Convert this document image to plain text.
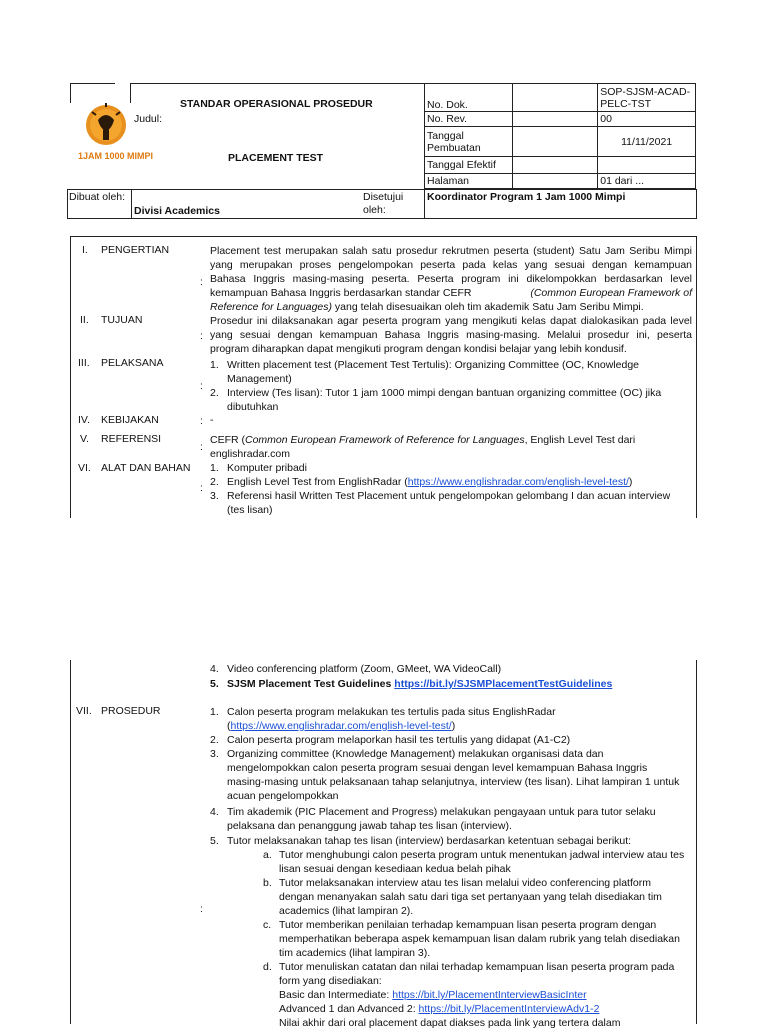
STANDAR OPERASIONAL PROSEDUR
Judul:
PLACEMENT TEST
1JAM 1000 MIMPI
No. Dok.		SOP-SJSM-ACAD-PELC-TST
No. Rev.		00
Tanggal Pembuatan		11/11/2021
Tanggal Efektif		
Halaman		01 dari ...
Dibuat oleh:
Divisi Academics
Disetujui oleh:
Koordinator Program 1 Jam 1000 Mimpi
I. PENGERTIAN
:
Placement test merupakan salah satu prosedur rekrutmen peserta (student) Satu Jam Seribu Mimpi
yang merupakan proses pengelompokan peserta pada kelas yang sesuai dengan kemampuan
Bahasa Inggris masing-masing peserta. Peserta program ini dikelompokkan berdasarkan level
kemampuan Bahasa Inggris berdasarkan standar CEFR	(Common European Framework of
Reference for Languages) yang telah disesuaikan oleh tim akademik Satu Jam Seribu Mimpi.
II. TUJUAN
:
Prosedur ini dilaksanakan agar peserta program yang mengikuti kelas dapat dialokasikan pada level
yang sesuai dengan kemampuan Bahasa Inggris masing-masing. Melalui prosedur ini, peserta
program diharapkan dapat mengikuti program dengan kondisi belajar yang lebih kondusif.
III. PELAKSANA
:
1. Written placement test (Placement Test Tertulis): Organizing Committee (OC, Knowledge
Management)
2. Interview (Tes lisan): Tutor 1 jam 1000 mimpi dengan bantuan organizing committee (OC) jika
dibutuhkan
IV. KEBIJAKAN	: -
V. REFERENSI
:
CEFR (Common European Framework of Reference for Languages, English Level Test dari
englishradar.com
VI. ALAT DAN BAHAN
:
1. Komputer pribadi
2. English Level Test from EnglishRadar (https://www.englishradar.com/english-level-test/)
3. Referensi hasil Written Test Placement untuk pengelompokan gelombang I dan acuan interview
(tes lisan)
4. Video conferencing platform (Zoom, GMeet, WA VideoCall)
5. SJSM Placement Test Guidelines https://bit.ly/SJSMPlacementTestGuidelines
VII. PROSEDUR
:
1. Calon peserta program melakukan tes tertulis pada situs EnglishRadar
(https://www.englishradar.com/english-level-test/)
2. Calon peserta program melaporkan hasil tes tertulis yang didapat (A1-C2)
3. Organizing committee (Knowledge Management) melakukan organisasi data dan
mengelompokkan calon peserta program sesuai dengan level kemampuan Bahasa Inggris
masing-masing untuk pelaksanaan tahap selanjutnya, interview (tes lisan). Lihat lampiran 1 untuk
acuan pengelompokkan
4. Tim akademik (PIC Placement and Progress) melakukan pengayaan untuk para tutor selaku
pelaksana dan penanggung jawab tahap tes lisan (interview).
5. Tutor melaksanakan tahap tes lisan (interview) berdasarkan ketentuan sebagai berikut:
a. Tutor menghubungi calon peserta program untuk menentukan jadwal interview atau tes
lisan sesuai dengan kesediaan kedua belah pihak
b. Tutor melaksanakan interview atau tes lisan melalui video conferencing platform
dengan menanyakan salah satu dari tiga set pertanyaan yang telah disediakan tim
academics (lihat lampiran 2).
c. Tutor memberikan penilaian terhadap kemampuan lisan peserta program dengan
memperhatikan beberapa aspek kemampuan lisan dalam rubrik yang telah disediakan
tim academics (lihat lampiran 3).
d. Tutor menuliskan catatan dan nilai terhadap kemampuan lisan peserta program pada
form yang disediakan:
Basic dan Intermediate: https://bit.ly/PlacementInterviewBasicInter
Advanced 1 dan Advanced 2: https://bit.ly/PlacementInterviewAdv1-2
Nilai akhir dari oral placement dapat diakses pada link yang tertera dalam
